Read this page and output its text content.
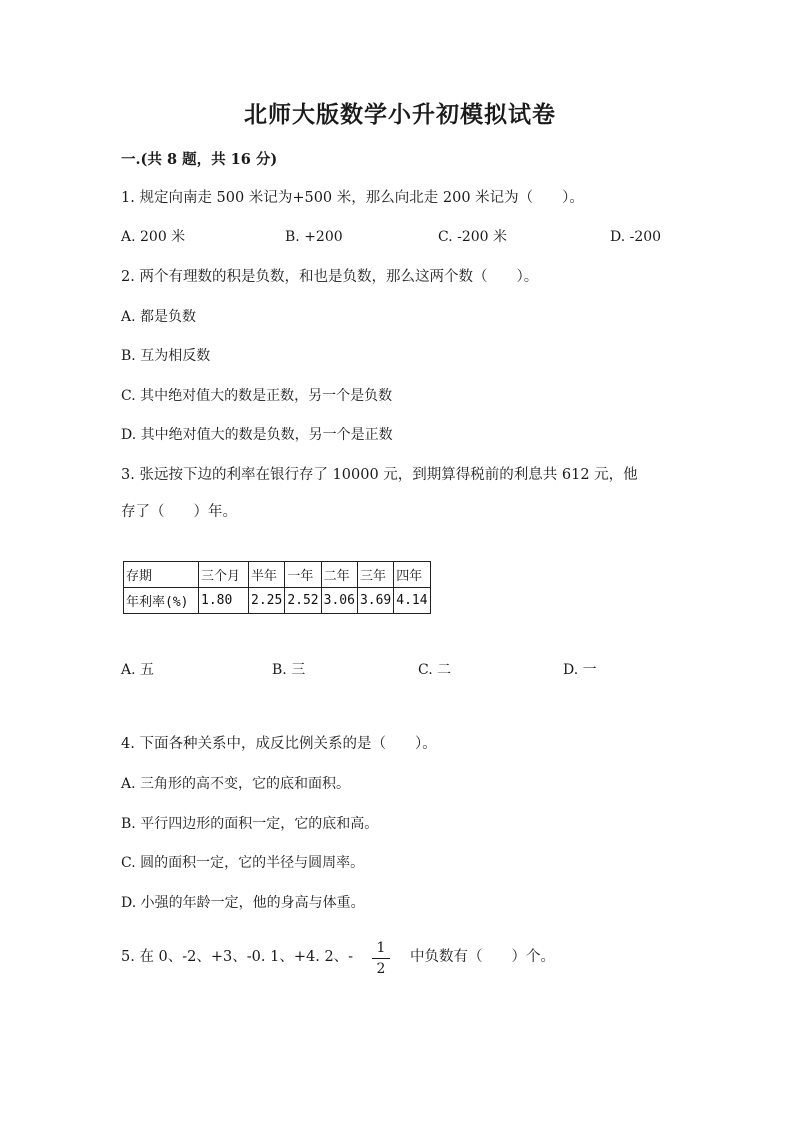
北师大版数学小升初模拟试卷
一.(共 8 题，共 16 分)
1. 规定向南走 500 米记为+500 米，那么向北走 200 米记为（　　）。
A. 200 米	B. +200	C. -200 米	D. -200
2. 两个有理数的积是负数，和也是负数，那么这两个数（　　）。
A. 都是负数
B. 互为相反数
C. 其中绝对值大的数是正数，另一个是负数
D. 其中绝对值大的数是负数，另一个是正数
3. 张远按下边的利率在银行存了 10000 元，到期算得税前的利息共 612 元，他
存了（　　）年。
存期	三个月	半年	一年	二年	三年	四年
年利率(%)	1.80	2.25	2.52	3.06	3.69	4.14
A. 五	B. 三	C. 二	D. 一
4. 下面各种关系中，成反比例关系的是（　　）。
A. 三角形的高不变，它的底和面积。
B. 平行四边形的面积一定，它的底和高。
C. 圆的面积一定，它的半径与圆周率。
D. 小强的年龄一定，他的身高与体重。
5. 在 0、-2、+3、-0. 1、+4. 2、-
1
2
中负数有（　　）个。
